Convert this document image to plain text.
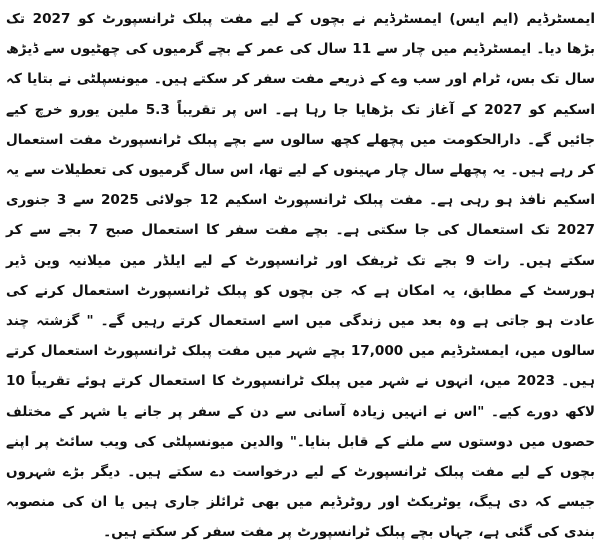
ایمسٹرڈیم (ایم ایس) ایمسٹرڈیم نے بچوں کے لیے مفت پبلک ٹرانسپورٹ کو 2027 تک بڑھا دیا۔ ایمسٹرڈیم میں چار سے 11 سال کی عمر کے بچے گرمیوں کی چھٹیوں سے ڈیڑھ سال تک بس، ٹرام اور سب وے کے ذریعے مفت سفر کر سکتے ہیں۔ میونسپلٹی نے بتایا کہ اسکیم کو 2027 کے آغاز تک بڑھایا جا رہا ہے۔ اس پر تقریباً 5.3 ملین یورو خرچ کیے جائیں گے۔ دارالحکومت میں پچھلے کچھ سالوں سے بچے پبلک ٹرانسپورٹ مفت استعمال کر رہے ہیں۔ یہ پچھلے سال چار مہینوں کے لیے تھا، اس سال گرمیوں کی تعطیلات سے یہ اسکیم نافذ ہو رہی ہے۔ مفت پبلک ٹرانسپورٹ اسکیم 12 جولائی 2025 سے 3 جنوری 2027 تک استعمال کی جا سکتی ہے۔ بچے مفت سفر کا استعمال صبح 7 بجے سے کر سکتے ہیں۔ رات 9 بجے تک ٹریفک اور ٹرانسپورٹ کے لیے ایلڈر مین میلانیہ وین ڈیر ہورسٹ کے مطابق، یہ امکان ہے کہ جن بچوں کو پبلک ٹرانسپورٹ استعمال کرنے کی عادت ہو جاتی ہے وہ بعد میں زندگی میں اسے استعمال کرتے رہیں گے۔ " گزشتہ چند سالوں میں، ایمسٹرڈیم میں 17,000 بچے شہر میں مفت پبلک ٹرانسپورٹ استعمال کرتے ہیں۔ 2023 میں، انہوں نے شہر میں پبلک ٹرانسپورٹ کا استعمال کرتے ہوئے تقریباً 10 لاکھ دورے کیے۔ "اس نے انہیں زیادہ آسانی سے دن کے سفر پر جانے یا شہر کے مختلف حصوں میں دوستوں سے ملنے کے قابل بنایا۔" والدین میونسپلٹی کی ویب سائٹ پر اپنے بچوں کے لیے مفت پبلک ٹرانسپورٹ کے لیے درخواست دے سکتے ہیں۔ دیگر بڑے شہروں جیسے کہ دی ہیگ، یوٹریکٹ اور روٹرڈیم میں بھی ٹرائلز جاری ہیں یا ان کی منصوبہ بندی کی گئی ہے، جہاں بچے پبلک ٹرانسپورٹ پر مفت سفر کر سکتے ہیں۔
